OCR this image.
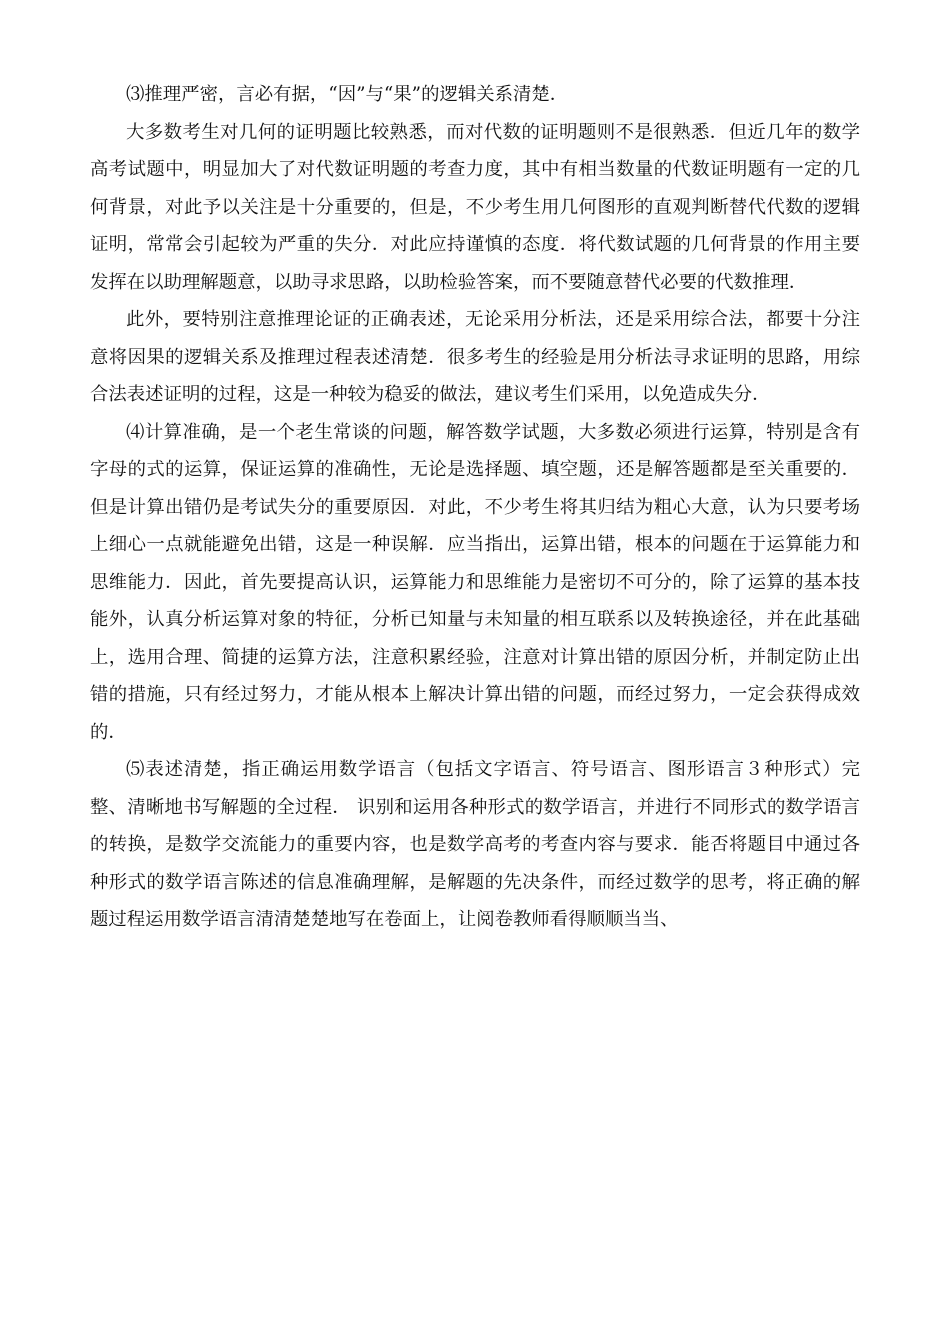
⑶推理严密，言必有据，“因”与“果”的逻辑关系清楚．

大多数考生对几何的证明题比较熟悉，而对代数的证明题则不是很熟悉．但近几年的数学高考试题中，明显加大了对代数证明题的考查力度，其中有相当数量的代数证明题有一定的几何背景，对此予以关注是十分重要的，但是，不少考生用几何图形的直观判断替代代数的逻辑证明，常常会引起较为严重的失分．对此应持谨慎的态度．将代数试题的几何背景的作用主要发挥在以助理解题意，以助寻求思路，以助检验答案，而不要随意替代必要的代数推理．

此外，要特别注意推理论证的正确表述，无论采用分析法，还是采用综合法，都要十分注意将因果的逻辑关系及推理过程表述清楚．很多考生的经验是用分析法寻求证明的思路，用综合法表述证明的过程，这是一种较为稳妥的做法，建议考生们采用，以免造成失分．

⑷计算准确，是一个老生常谈的问题，解答数学试题，大多数必须进行运算，特别是含有字母的式的运算，保证运算的准确性，无论是选择题、填空题，还是解答题都是至关重要的．但是计算出错仍是考试失分的重要原因．对此，不少考生将其归结为粗心大意，认为只要考场上细心一点就能避免出错，这是一种误解．应当指出，运算出错，根本的问题在于运算能力和思维能力．因此，首先要提高认识，运算能力和思维能力是密切不可分的，除了运算的基本技能外，认真分析运算对象的特征，分析已知量与未知量的相互联系以及转换途径，并在此基础上，选用合理、简捷的运算方法，注意积累经验，注意对计算出错的原因分析，并制定防止出错的措施，只有经过努力，才能从根本上解决计算出错的问题，而经过努力，一定会获得成效的．

⑸表述清楚，指正确运用数学语言（包括文字语言、符号语言、图形语言３种形式）完整、清晰地书写解题的全过程． 识别和运用各种形式的数学语言，并进行不同形式的数学语言的转换，是数学交流能力的重要内容，也是数学高考的考查内容与要求．能否将题目中通过各种形式的数学语言陈述的信息准确理解，是解题的先决条件，而经过数学的思考，将正确的解题过程运用数学语言清清楚楚地写在卷面上，让阅卷教师看得顺顺当当、
